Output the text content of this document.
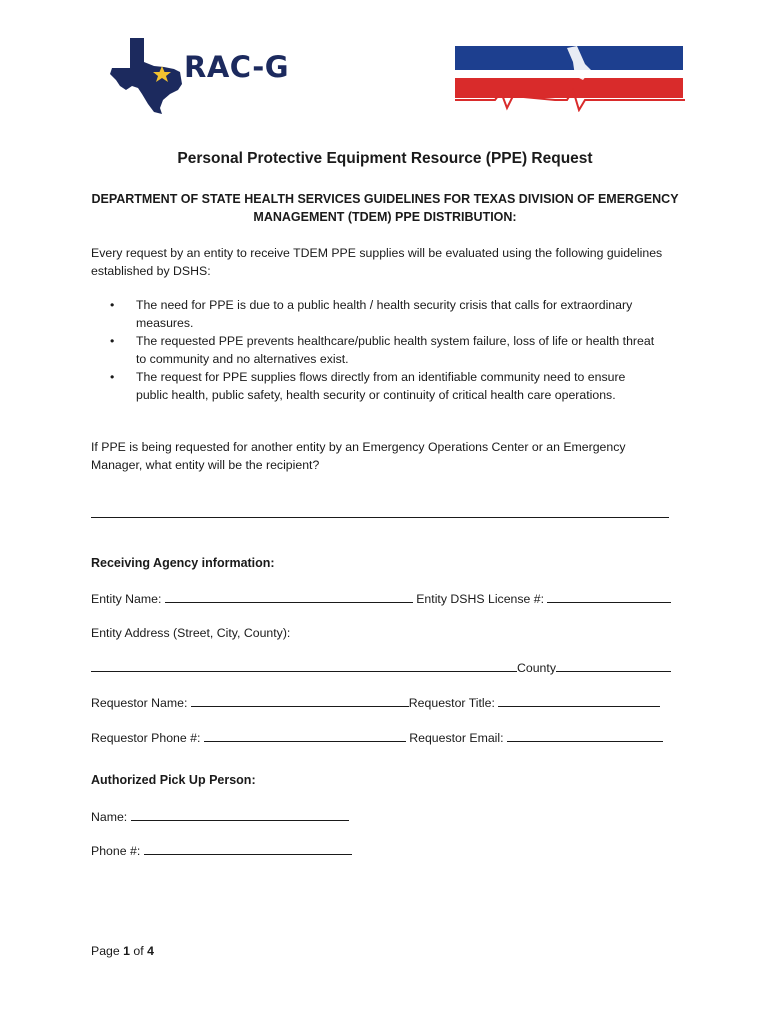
RAC-G
Personal Protective Equipment Resource (PPE) Request
DEPARTMENT OF STATE HEALTH SERVICES GUIDELINES FOR TEXAS DIVISION OF EMERGENCY
MANAGEMENT (TDEM) PPE DISTRIBUTION:
Every request by an entity to receive TDEM PPE supplies will be evaluated using the following guidelines
established by DSHS:
• The need for PPE is due to a public health / health security crisis that calls for extraordinary
measures.
• The requested PPE prevents healthcare/public health system failure, loss of life or health threat
to community and no alternatives exist.
• The request for PPE supplies flows directly from an identifiable community need to ensure
public health, public safety, health security or continuity of critical health care operations.
If PPE is being requested for another entity by an Emergency Operations Center or an Emergency
Manager, what entity will be the recipient?
Receiving Agency information:
Entity Name:	Entity DSHS License #:
Entity Address (Street, City, County):
County
Requestor Name:	Requestor Title:
Requestor Phone #:	Requestor Email:
Authorized Pick Up Person:
Name:
Phone #:
Page 1 of 4
